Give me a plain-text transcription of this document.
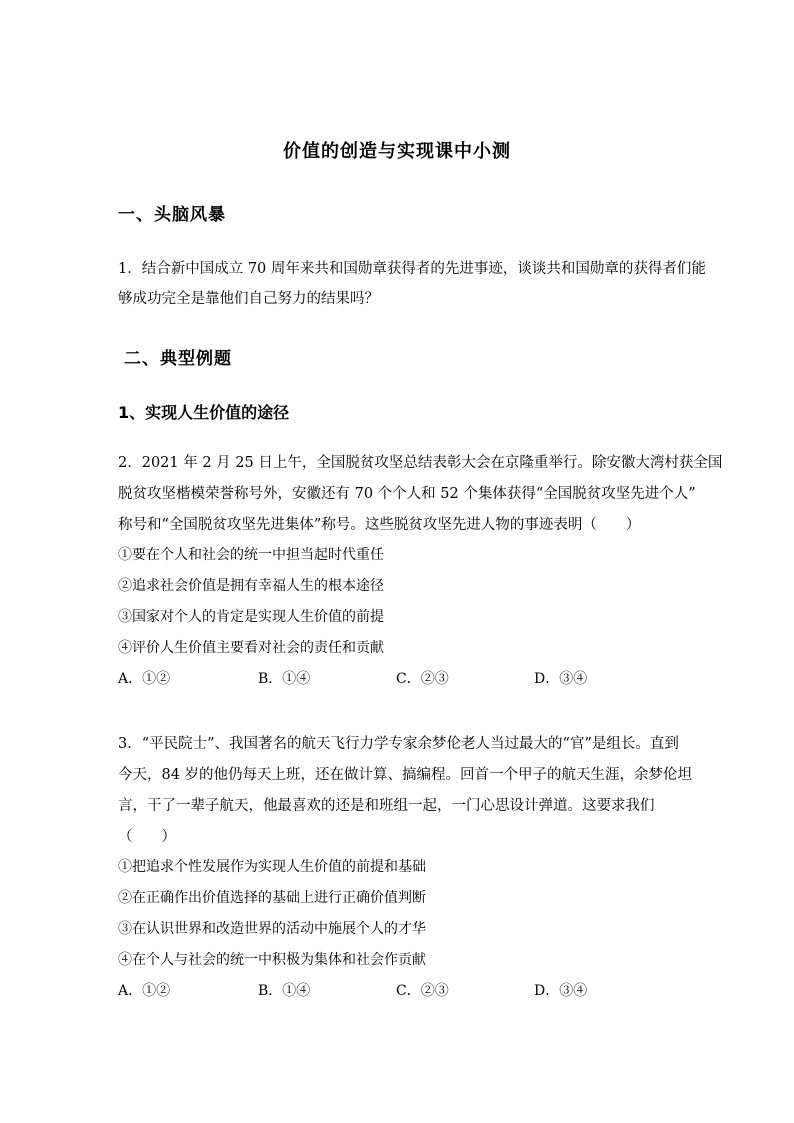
价值的创造与实现课中小测
一、头脑风暴
1．结合新中国成立 70 周年来共和国勋章获得者的先进事迹，谈谈共和国勋章的获得者们能
够成功完全是靠他们自己努力的结果吗？
二、典型例题
1、实现人生价值的途径
2．2021 年 2 月 25 日上午，全国脱贫攻坚总结表彰大会在京隆重举行。除安徽大湾村获全国
脱贫攻坚楷模荣誉称号外，安徽还有 70 个个人和 52 个集体获得“全国脱贫攻坚先进个人”
称号和“全国脱贫攻坚先进集体”称号。这些脱贫攻坚先进人物的事迹表明（　　）
①要在个人和社会的统一中担当起时代重任
②追求社会价值是拥有幸福人生的根本途径
③国家对个人的肯定是实现人生价值的前提
④评价人生价值主要看对社会的责任和贡献
A．①②	B．①④	C．②③	D．③④
3．“平民院士”、我国著名的航天飞行力学专家余梦伦老人当过最大的“官”是组长。直到
今天，84 岁的他仍每天上班，还在做计算、搞编程。回首一个甲子的航天生涯，余梦伦坦
言，干了一辈子航天，他最喜欢的还是和班组一起，一门心思设计弹道。这要求我们
（　　）
①把追求个性发展作为实现人生价值的前提和基础
②在正确作出价值选择的基础上进行正确价值判断
③在认识世界和改造世界的活动中施展个人的才华
④在个人与社会的统一中积极为集体和社会作贡献
A．①②	B．①④	C．②③	D．③④
